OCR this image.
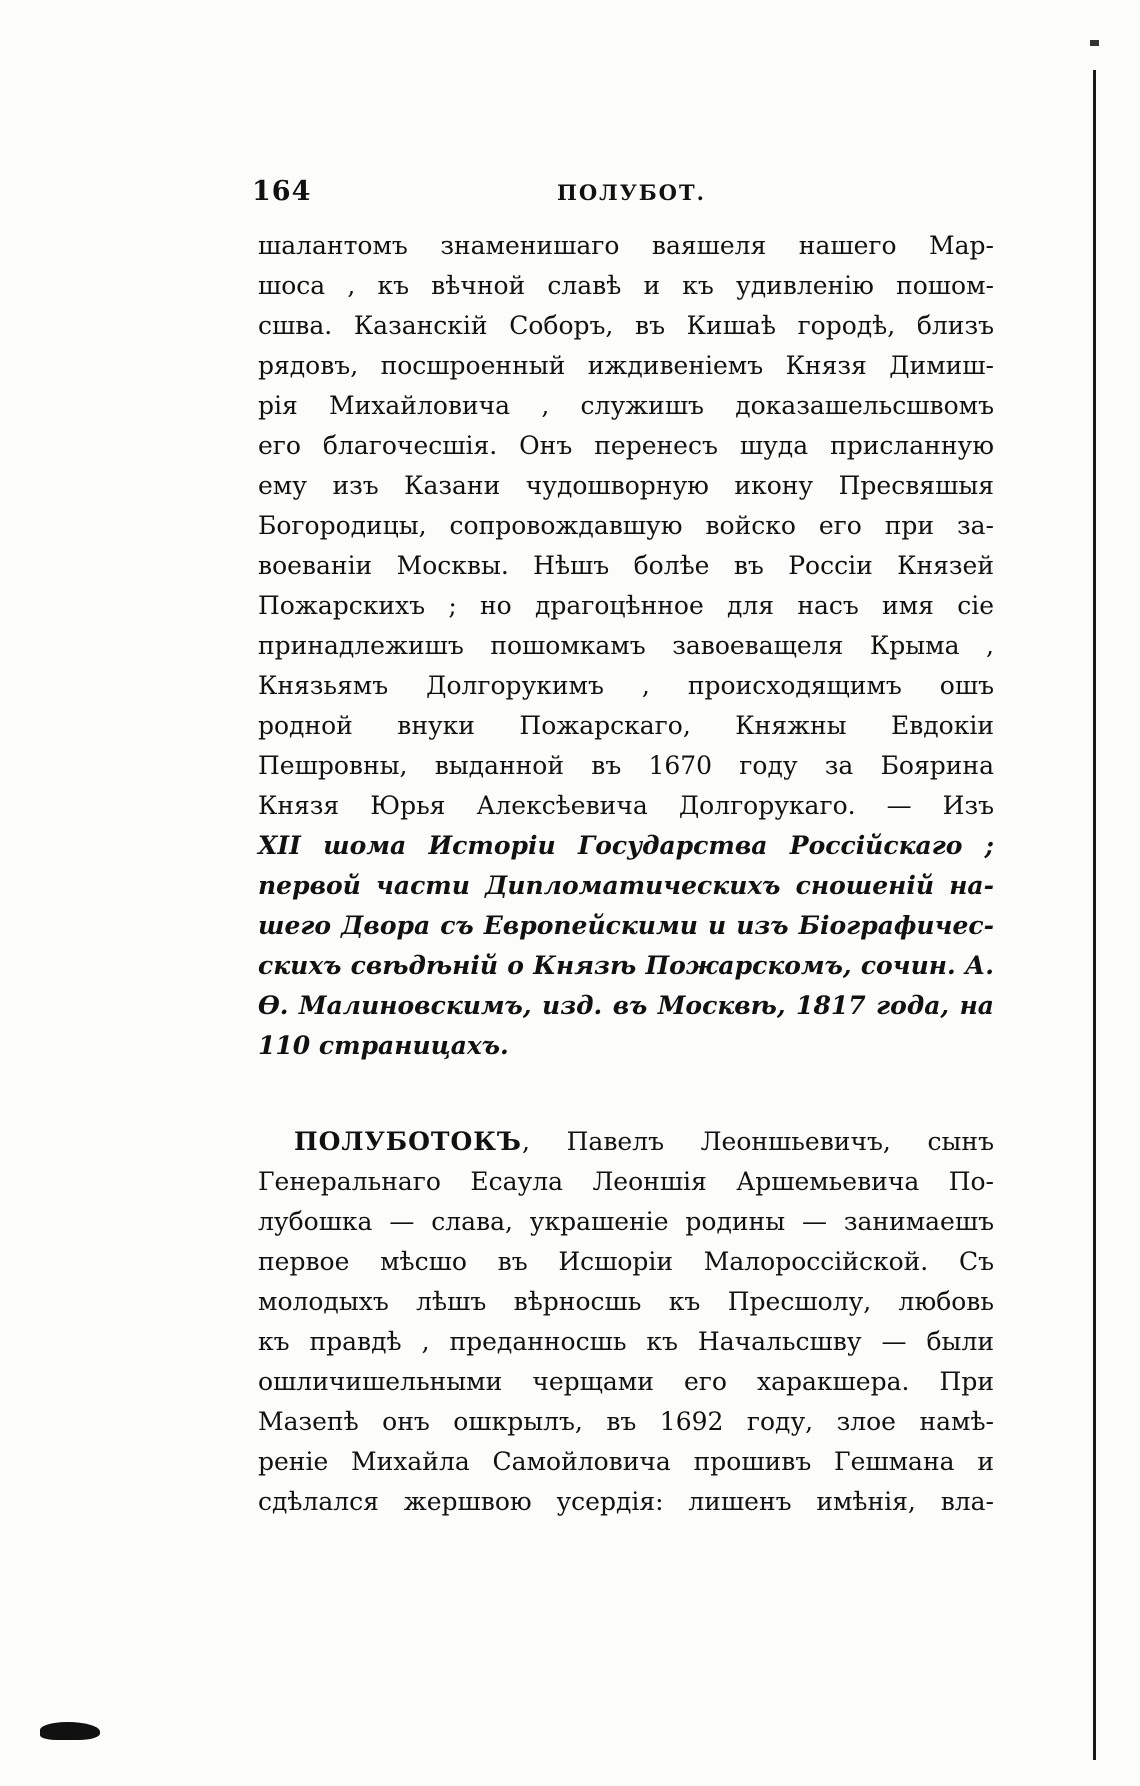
164	ПОЛУБОТ.
шалантомъ знаменишаго ваяшеля нашего Мар-
шоса , къ вѣчной славѣ и къ удивленію пошом-
сшва. Казанскій Соборъ, въ Кишаѣ городѣ, близъ
рядовъ, посшроенный иждивеніемъ Князя Димиш-
рія Михайловича , служишъ доказашельсшвомъ
его благочесшія. Онъ перенесъ шуда присланную
ему изъ Казани чудошворную икону Пресвяшыя
Богородицы, сопровождавшую войско его при за-
воеваніи Москвы. Нѣшъ болѣе въ Россіи Князей
Пожарскихъ ; но драгоцѣнное для насъ имя сіе
принадлежишъ пошомкамъ завоеващеля Крыма ,
Князьямъ Долгорукимъ , происходящимъ ошъ
родной внуки Пожарскаго, Княжны Евдокіи
Пешровны, выданной въ 1670 году за Боярина
Князя Юрья Алексѣевича Долгорукаго. — Изъ
XII шома Исторіи Государства Россійскаго ;
первой части Дипломатическихъ сношеній на-
шего Двора съ Европейскими и изъ Біографичес-
скихъ свѣдѣній о Князѣ Пожарскомъ, сочин. А.
Ѳ. Малиновскимъ, изд. въ Москвѣ, 1817 года, на
110 страницахъ.
ПОЛУБОТОКЪ, Павелъ Леоншьевичъ, сынъ
Генеральнаго Есаула Леоншія Аршемьевича По-
лубошка — слава, украшеніе родины — занимаешъ
первое мѣсшо въ Исшоріи Малороссійской. Съ
молодыхъ лѣшъ вѣрносшь къ Пресшолу, любовь
къ правдѣ , преданносшь къ Начальсшву — были
ошличишельными черщами его харакшера. При
Мазепѣ онъ ошкрылъ, въ 1692 году, злое намѣ-
реніе Михайла Самойловича прошивъ Гешмана и
сдѣлался жершвою усердія: лишенъ имѣнія, вла-
